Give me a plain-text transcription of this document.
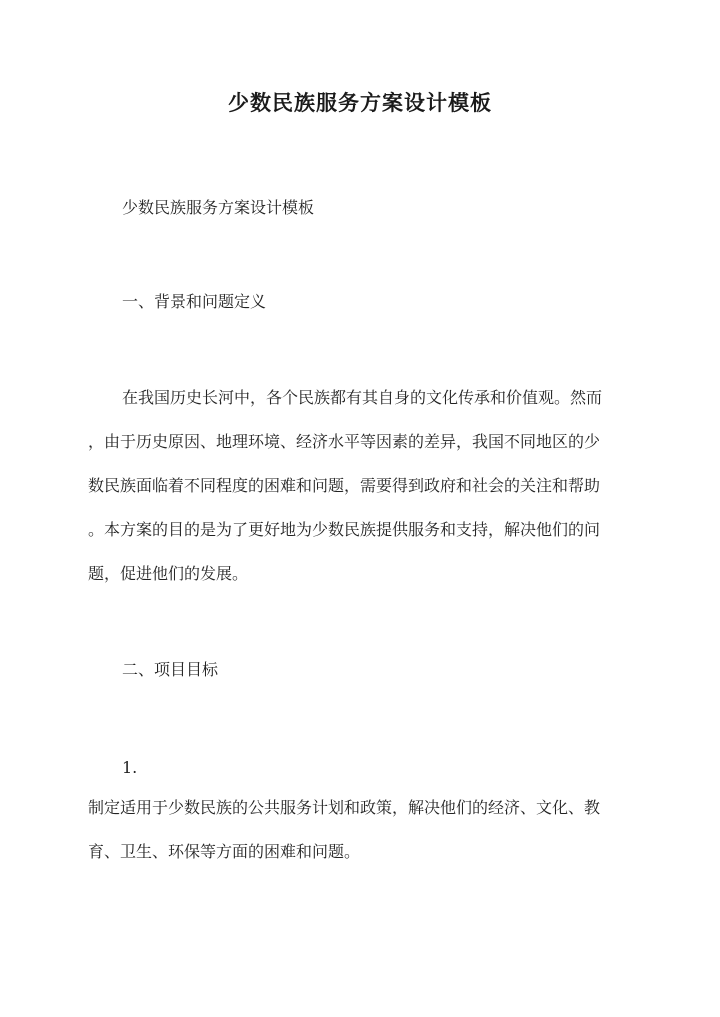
少数民族服务方案设计模板
少数民族服务方案设计模板
一、背景和问题定义
在我国历史长河中，各个民族都有其自身的文化传承和价值观。然而
，由于历史原因、地理环境、经济水平等因素的差异，我国不同地区的少
数民族面临着不同程度的困难和问题，需要得到政府和社会的关注和帮助
。本方案的目的是为了更好地为少数民族提供服务和支持，解决他们的问
题，促进他们的发展。
二、项目目标
1.
制定适用于少数民族的公共服务计划和政策，解决他们的经济、文化、教
育、卫生、环保等方面的困难和问题。
